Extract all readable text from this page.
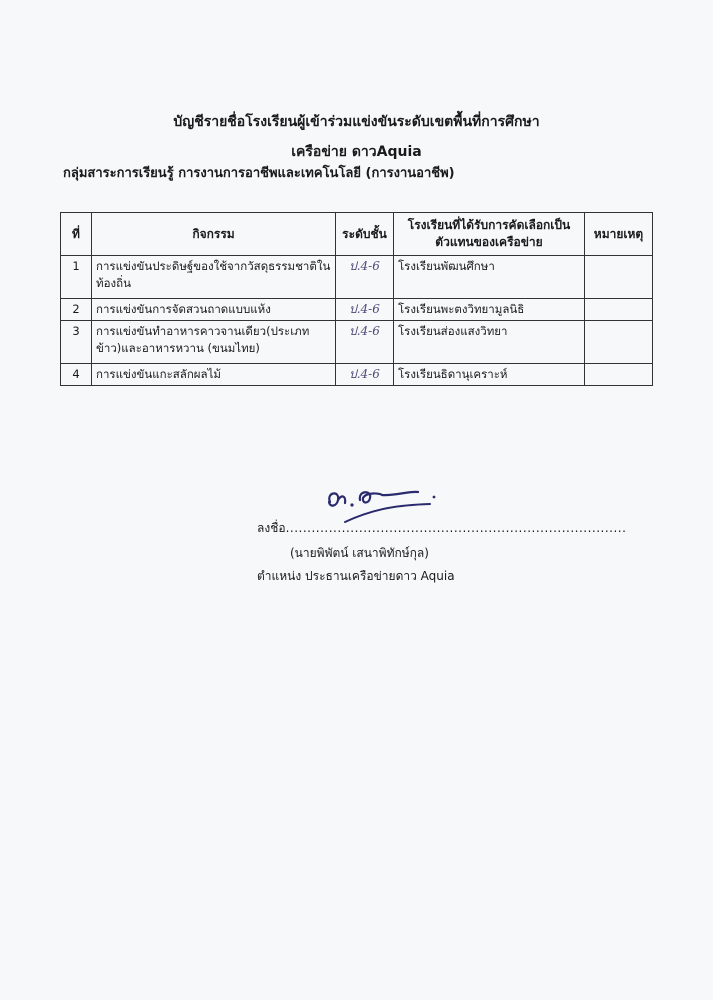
บัญชีรายชื่อโรงเรียนผู้เข้าร่วมแข่งขันระดับเขตพื้นที่การศึกษา
เครือข่าย ดาวAquia
กลุ่มสาระการเรียนรู้ การงานการอาชีพและเทคโนโลยี (การงานอาชีพ)
ที่	กิจกรรม	ระดับชั้น	โรงเรียนที่ได้รับการคัดเลือกเป็นตัวแทนของเครือข่าย	หมายเหตุ
1	การแข่งขันประดิษฐ์ของใช้จากวัสดุธรรมชาติในท้องถิ่น	ป.4-6	โรงเรียนพัฒนศึกษา	
2	การแข่งขันการจัดสวนถาดแบบแห้ง	ป.4-6	โรงเรียนพะตงวิทยามูลนิธิ	
3	การแข่งขันทำอาหารคาวจานเดียว(ประเภทข้าว)และอาหารหวาน (ขนมไทย)	ป.4-6	โรงเรียนส่องแสงวิทยา	
4	การแข่งขันแกะสลักผลไม้	ป.4-6	โรงเรียนธิดานุเคราะห์	
ลงชื่อ...............................................................................
(นายพิพัตน์ เสนาพิทักษ์กุล)
ตำแหน่ง ประธานเครือข่ายดาว Aquia
